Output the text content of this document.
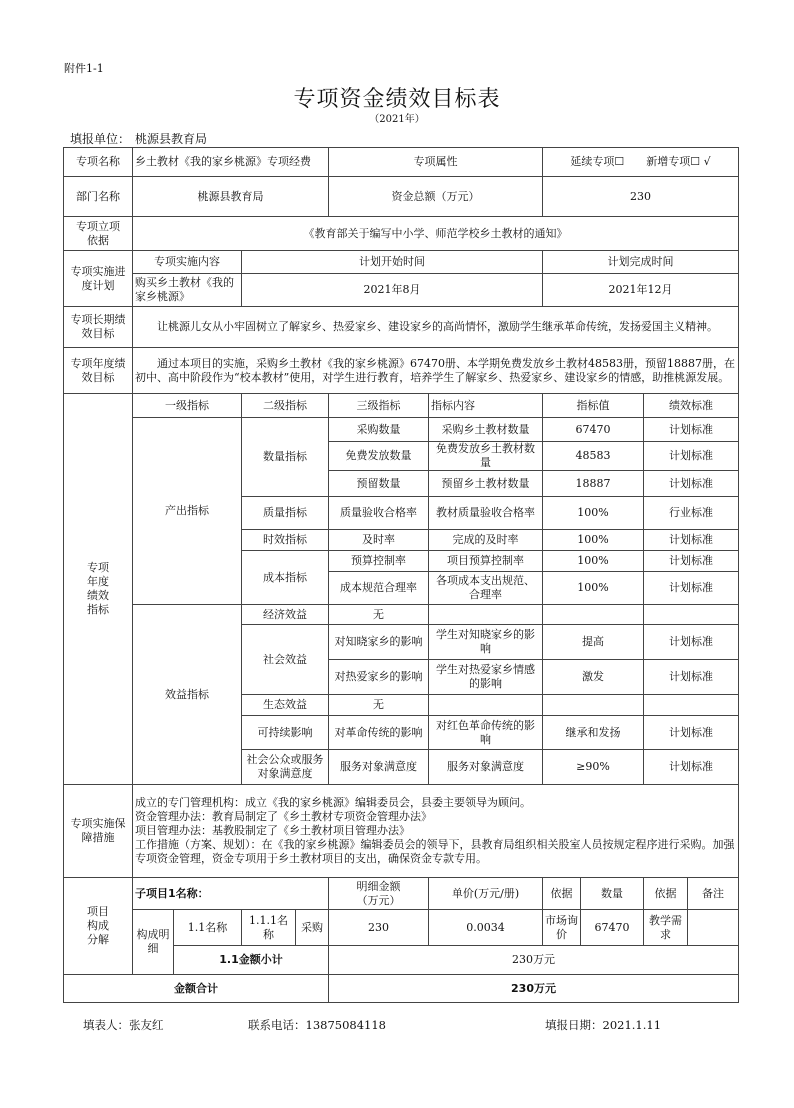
附件1-1
专项资金绩效目标表
（2021年）
填报单位： 桃源县教育局
专项名称	乡土教材《我的家乡桃源》专项经费				专项属性		延续专项☐　　新增专项☐ √			
部门名称	桃源县教育局				资金总额（万元）		230			
专项立项依据	《教育部关于编写中小学、师范学校乡土教材的通知》									
专项实施进度计划	专项实施内容		计划开始时间				计划完成时间			
	购买乡土教材《我的家乡桃源》		2021年8月				2021年12月			
专项长期绩效目标	让桃源儿女从小牢固树立了解家乡、热爱家乡、建设家乡的高尚情怀，激励学生继承革命传统，发扬爱国主义精神。									
专项年度绩效目标	通过本项目的实施，采购乡土教材《我的家乡桃源》67470册、本学期免费发放乡土教材48583册，预留18887册，在初中、高中阶段作为“校本教材”使用，对学生进行教育，培养学生了解家乡、热爱家乡、建设家乡的情感，助推桃源发展。									
专项年度绩效指标	一级指标		二级指标		三级指标	指标内容	指标值		绩效标准	
	产出指标		数量指标		采购数量	采购乡土教材数量	67470		计划标准	
					免费发放数量	免费发放乡土教材数量	48583		计划标准	
					预留数量	预留乡土教材数量	18887		计划标准	
			质量指标		质量验收合格率	教材质量验收合格率	100%		行业标准	
			时效指标		及时率	完成的及时率	100%		计划标准	
			成本指标		预算控制率	项目预算控制率	100%		计划标准	
					成本规范合理率	各项成本支出规范、合理率	100%		计划标准	
	效益指标		经济效益		无					
			社会效益		对知晓家乡的影响	学生对知晓家乡的影响	提高		计划标准	
					对热爱家乡的影响	学生对热爱家乡情感的影响	激发		计划标准	
			生态效益		无					
			可持续影响		对革命传统的影响	对红色革命传统的影响	继承和发扬		计划标准	
			社会公众或服务对象满意度		服务对象满意度	服务对象满意度	≥90%		计划标准	
专项实施保障措施	成立的专门管理机构：成立《我的家乡桃源》编辑委员会，县委主要领导为顾问。
资金管理办法：教育局制定了《乡土教材专项资金管理办法》
项目管理办法：基教股制定了《乡土教材项目管理办法》
工作措施（方案、规划）：在《我的家乡桃源》编辑委员会的领导下，县教育局组织相关股室人员按规定程序进行采购。加强专项资金管理，资金专项用于乡土教材项目的支出，确保资金专款专用。									

项目构成分解	子项目1名称：				明细金额（万元）	单价(万元/册)	依据	数量	依据	备注
	构成明细	1.1名称	1.1.1名称	采购	230	0.0034	市场询价	67470	教学需求	
		1.1金额小计			230万元					
金额合计					230万元					
填表人：张友红	联系电话：13875084118	填报日期：2021.1.11
